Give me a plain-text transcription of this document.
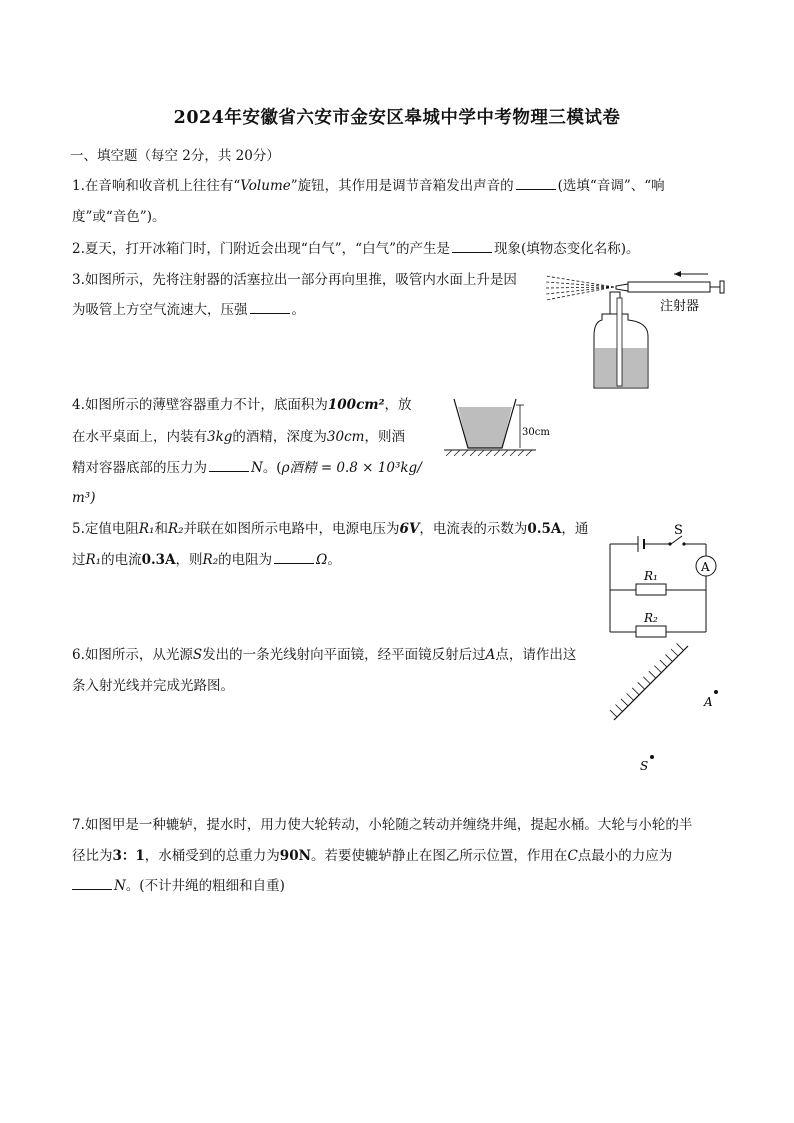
2024年安徽省六安市金安区皋城中学中考物理三模试卷
一、填空题（每空 2分，共 20分）
1.在音响和收音机上往往有“Volume”旋钮，其作用是调节音箱发出声音的	(选填“音调”、“响
度”或“音色”)。
2.夏天，打开冰箱门时，门附近会出现“白气”，“白气”的产生是	现象(填物态变化名称)。
3.如图所示，先将注射器的活塞拉出一部分再向里推，吸管内水面上升是因
为吸管上方空气流速大，压强	。	注射器
4.如图所示的薄壁容器重力不计，底面积为100cm²，放
在水平桌面上，内装有3kg的酒精，深度为30cm，则酒
精对容器底部的压力为	N。(ρ酒精 = 0.8 × 10³kg/
m³)
30cm
5.定值电阻R₁和R₂并联在如图所示电路中，电源电压为6V，电流表的示数为0.5A，通
过R₁的电流0.3A，则R₂的电阻为	Ω。
S
A
R₁
R₂
6.如图所示，从光源S发出的一条光线射向平面镜，经平面镜反射后过A点，请作出这
条入射光线并完成光路图。
A
S
7.如图甲是一种辘轳，提水时，用力使大轮转动，小轮随之转动并缠绕井绳，提起水桶。大轮与小轮的半
径比为3：1，水桶受到的总重力为90N。若要使辘轳静止在图乙所示位置，作用在C点最小的力应为
N。(不计井绳的粗细和自重)
